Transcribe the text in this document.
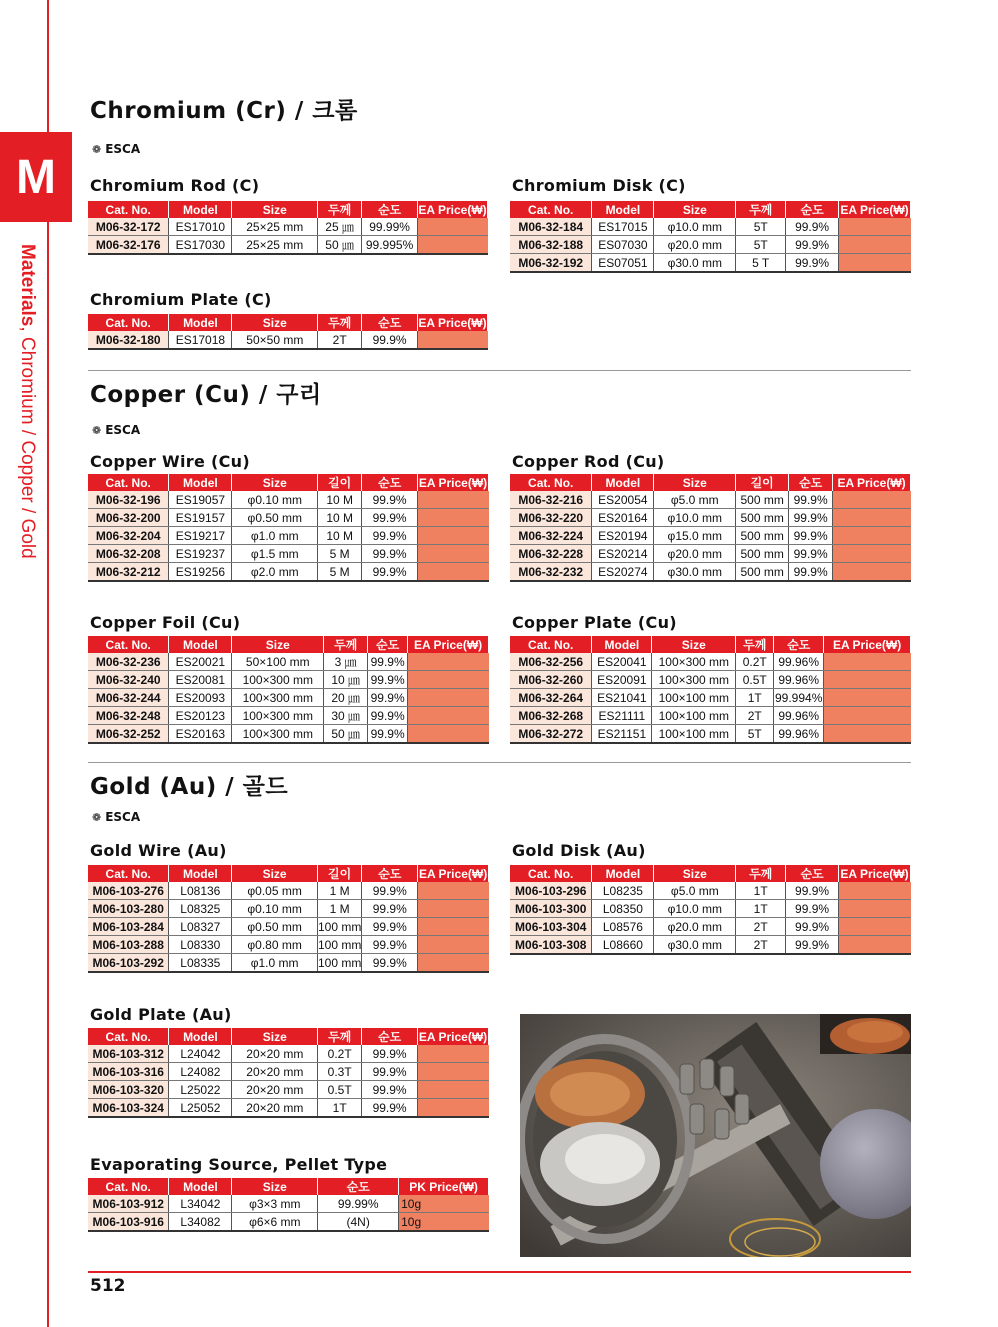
M
Materials, Chromium / Copper / Gold
Chromium (Cr) / 크롬
❁ ESCA
Chromium Rod (C)
Cat. No.	Model	Size	두께	순도	EA Price(₩)
M06-32-172	ES17010	25×25 mm	25 ㎛	99.99%	
M06-32-176	ES17030	25×25 mm	50 ㎛	99.995%	
Chromium Disk (C)
Cat. No.	Model	Size	두께	순도	EA Price(₩)
M06-32-184	ES17015	φ10.0 mm	5T	99.9%	
M06-32-188	ES07030	φ20.0 mm	5T	99.9%	
M06-32-192	ES07051	φ30.0 mm	5 T	99.9%	
Chromium Plate (C)
Cat. No.	Model	Size	두께	순도	EA Price(₩)
M06-32-180	ES17018	50×50 mm	2T	99.9%	
Copper (Cu) / 구리
❁ ESCA
Copper Wire (Cu)
Cat. No.	Model	Size	길이	순도	EA Price(₩)
M06-32-196	ES19057	φ0.10 mm	10 M	99.9%	
M06-32-200	ES19157	φ0.50 mm	10 M	99.9%	
M06-32-204	ES19217	φ1.0 mm	10 M	99.9%	
M06-32-208	ES19237	φ1.5 mm	5 M	99.9%	
M06-32-212	ES19256	φ2.0 mm	5 M	99.9%	
Copper Rod (Cu)
Cat. No.	Model	Size	길이	순도	EA Price(₩)
M06-32-216	ES20054	φ5.0 mm	500 mm	99.9%	
M06-32-220	ES20164	φ10.0 mm	500 mm	99.9%	
M06-32-224	ES20194	φ15.0 mm	500 mm	99.9%	
M06-32-228	ES20214	φ20.0 mm	500 mm	99.9%	
M06-32-232	ES20274	φ30.0 mm	500 mm	99.9%	
Copper Foil (Cu)
Cat. No.	Model	Size	두께	순도	EA Price(₩)
M06-32-236	ES20021	50×100 mm	3 ㎛	99.9%	
M06-32-240	ES20081	100×300 mm	10 ㎛	99.9%	
M06-32-244	ES20093	100×300 mm	20 ㎛	99.9%	
M06-32-248	ES20123	100×300 mm	30 ㎛	99.9%	
M06-32-252	ES20163	100×300 mm	50 ㎛	99.9%	
Copper Plate (Cu)
Cat. No.	Model	Size	두께	순도	EA Price(₩)
M06-32-256	ES20041	100×300 mm	0.2T	99.96%	
M06-32-260	ES20091	100×300 mm	0.5T	99.96%	
M06-32-264	ES21041	100×100 mm	1T	99.994%	
M06-32-268	ES21111	100×100 mm	2T	99.96%	
M06-32-272	ES21151	100×100 mm	5T	99.96%	
Gold (Au) / 골드
❁ ESCA
Gold Wire (Au)
Cat. No.	Model	Size	길이	순도	EA Price(₩)
M06-103-276	L08136	φ0.05 mm	1 M	99.9%	
M06-103-280	L08325	φ0.10 mm	1 M	99.9%	
M06-103-284	L08327	φ0.50 mm	100 mm	99.9%	
M06-103-288	L08330	φ0.80 mm	100 mm	99.9%	
M06-103-292	L08335	φ1.0 mm	100 mm	99.9%	
Gold Disk (Au)
Cat. No.	Model	Size	두께	순도	EA Price(₩)
M06-103-296	L08235	φ5.0 mm	1T	99.9%	
M06-103-300	L08350	φ10.0 mm	1T	99.9%	
M06-103-304	L08576	φ20.0 mm	2T	99.9%	
M06-103-308	L08660	φ30.0 mm	2T	99.9%	
Gold Plate (Au)
Cat. No.	Model	Size	두께	순도	EA Price(₩)
M06-103-312	L24042	20×20 mm	0.2T	99.9%	
M06-103-316	L24082	20×20 mm	0.3T	99.9%	
M06-103-320	L25022	20×20 mm	0.5T	99.9%	
M06-103-324	L25052	20×20 mm	1T	99.9%	
Evaporating Source, Pellet Type
Cat. No.	Model	Size	순도	PK Price(₩)
M06-103-912	L34042	φ3×3 mm	99.99%	10g
M06-103-916	L34082	φ6×6 mm	(4N)	10g
512
